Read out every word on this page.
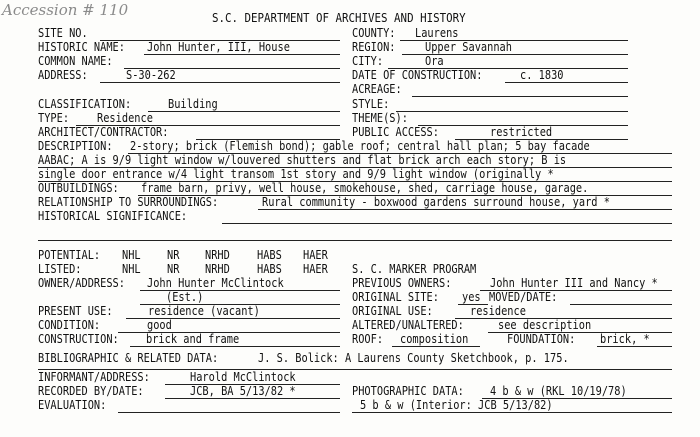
Accession # 110	S.C. DEPARTMENT OF ARCHIVES AND HISTORY
SITE NO.	COUNTY: Laurens
HISTORIC NAME: John Hunter, III, House	REGION: Upper Savannah
COMMON NAME:	CITY:	Ora
ADDRESS:	S-30-262	DATE OF CONSTRUCTION:	c. 1830
ACREAGE:
CLASSIFICATION:	Building	STYLE:
TYPE: Residence	THEME(S):
ARCHITECT/CONTRACTOR:	PUBLIC ACCESS:	restricted
DESCRIPTION: 2-story; brick (Flemish bond); gable roof; central hall plan; 5 bay facade
AABAC; A is 9/9 light window w/louvered shutters and flat brick arch each story; B is
single door entrance w/4 light transom 1st story and 9/9 light window (originally *
OUTBUILDINGS: frame barn, privy, well house, smokehouse, shed, carriage house, garage.
RELATIONSHIP TO SURROUNDINGS:	Rural community - boxwood gardens surround house, yard *
HISTORICAL SIGNIFICANCE:
POTENTIAL: NHL NR NRHD HABS HAER
LISTED:	NHL NR NRHD HABS HAER S. C. MARKER PROGRAM
OWNER/ADDRESS: John Hunter McClintock	PREVIOUS OWNERS:	John Hunter III and Nancy *
(Est.)	ORIGINAL SITE: yes MOVED/DATE:
PRESENT USE:	residence (vacant)	ORIGINAL USE:	residence
CONDITION:	good	ALTERED/UNALTERED:	see description
CONSTRUCTION: brick and frame	ROOF: composition	FOUNDATION: brick, *
BIBLIOGRAPHIC & RELATED DATA:	J. S. Bolick: A Laurens County Sketchbook, p. 175.
INFORMANT/ADDRESS:	Harold McClintock
RECORDED BY/DATE:	JCB, BA 5/13/82 *	PHOTOGRAPHIC DATA: 4 b & w (RKL 10/19/78)
EVALUATION:	5 b & w (Interior: JCB 5/13/82)
